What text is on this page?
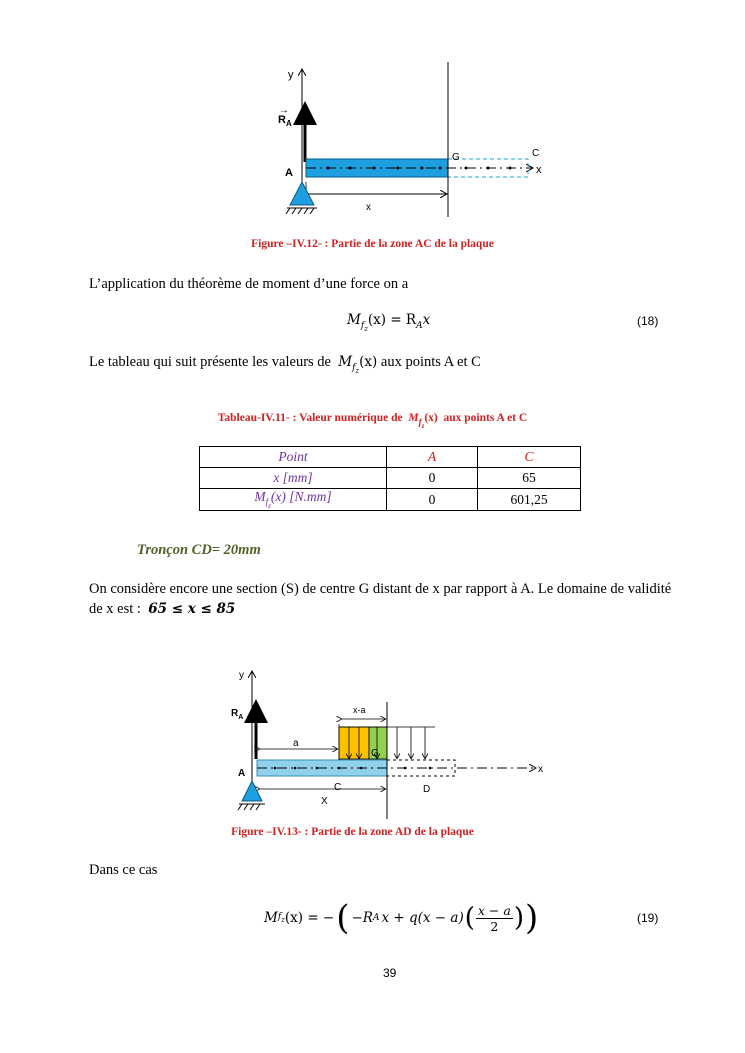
y
$R_A$
→
A
G	C
x
x
Figure –IV.12- : Partie de la zone AC de la plaque
L’application du théorème de moment d’une force on a
$M_{f_z}(x) = R_Ax$	(18)
Le tableau qui suit présente les valeurs de $M_{f_z}(x)$ aux points A et C
Tableau-IV.11- : Valeur numérique de $M_{f_z}(x)$ aux points A et C
Point	A	C
x [mm]	0	65
$M_{f_z}(x)$ [N.mm]	0	601,25
Tronçon CD= 20mm
On considère encore une section (S) de centre G distant de x par rapport à A. Le domaine de validité
de x est : 65 ≤ x ≤ 85
y
$R_A$
G
x-a
a
A
C	D
x
X
Figure –IV.13- : Partie de la zone AD de la plaque
Dans ce cas
M $f_z$ (x) = − ( −R A x + q(x − a) ( x − a
2 ) )	(19)
39
